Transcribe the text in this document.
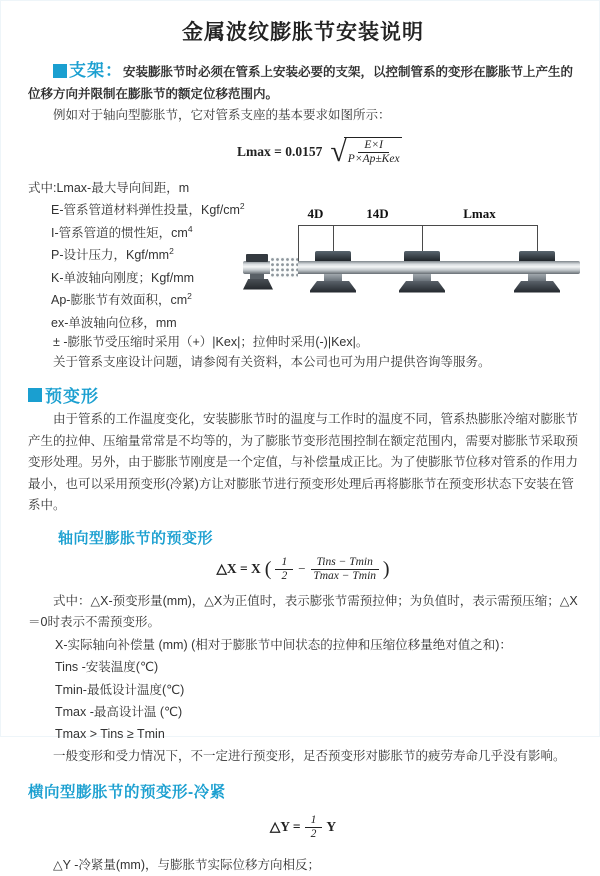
金属波纹膨胀节安装说明

支架：安装膨胀节时必须在管系上安装必要的支架，以控制管系的变形在膨胀节上产生的位移方向并限制在膨胀节的额定位移范围内。

例如对于轴向型膨胀节，它对管系支座的基本要求如图所示：

Lmax = 0.0157 √ $\frac{E\times I}{\text{P×Ap±Kex}}$

式中:Lmax-最大导向间距，m

E-管系管道材料弹性投量，Kgf/$cm^2$

I-管系管道的惯性矩，$cm^4$

P-设计压力，Kgf/$mm^2$

K-单波轴向刚度；Kgf/mm

Ap-膨胀节有效面积，$cm^2$

ex-单波轴向位移，mm

4D	14D	Lmax

± -膨胀节受压缩时采用（+）|Kex|；拉伸时采用(-)|Kex|。

关于管系支座设计问题，请参阅有关资料，本公司也可为用户提供咨询等服务。

预变形

由于管系的工作温度变化，安装膨胀节时的温度与工作时的温度不同，管系热膨胀冷缩对膨胀节产生的拉伸、压缩量常常是不均等的，为了膨胀节变形范围控制在额定范围内，需要对膨胀节采取预变形处理。另外，由于膨胀节刚度是一个定值，与补偿量成正比。为了使膨胀节位移对管系的作用力最小，也可以采用预变形(冷紧)方让对膨胀节进行预变形处理后再将膨胀节在预变形状态下安装在管系中。

轴向型膨胀节的预变形
△X = X ( $\frac{1}{2} - \frac{\text{Tins − Tmin}}{Tmax - Tmin}$ )

式中：△X-预变形量(mm)，△X为正值时，表示膨张节需预拉伸；为负值时，表示需预压缩；△X＝0时表示不需预变形。

X-实际轴向补偿量 (mm) (相对于膨胀节中间状态的拉伸和压缩位移量绝对值之和)：

Tins -安装温度(℃)

Tmin-最低设计温度(℃)

Tmax -最高设计温 (℃)

Tmax > Tins ≥ Tmin

一般变形和受力情况下，不一定进行预变形，足否预变形对膨胀节的疲劳寿命几乎没有影响。

横向型膨胀节的预变形-冷紧
△Y = $\frac{1}{2}$ Y

△Y -冷紧量(mm)，与膨胀节实际位移方向相反；
